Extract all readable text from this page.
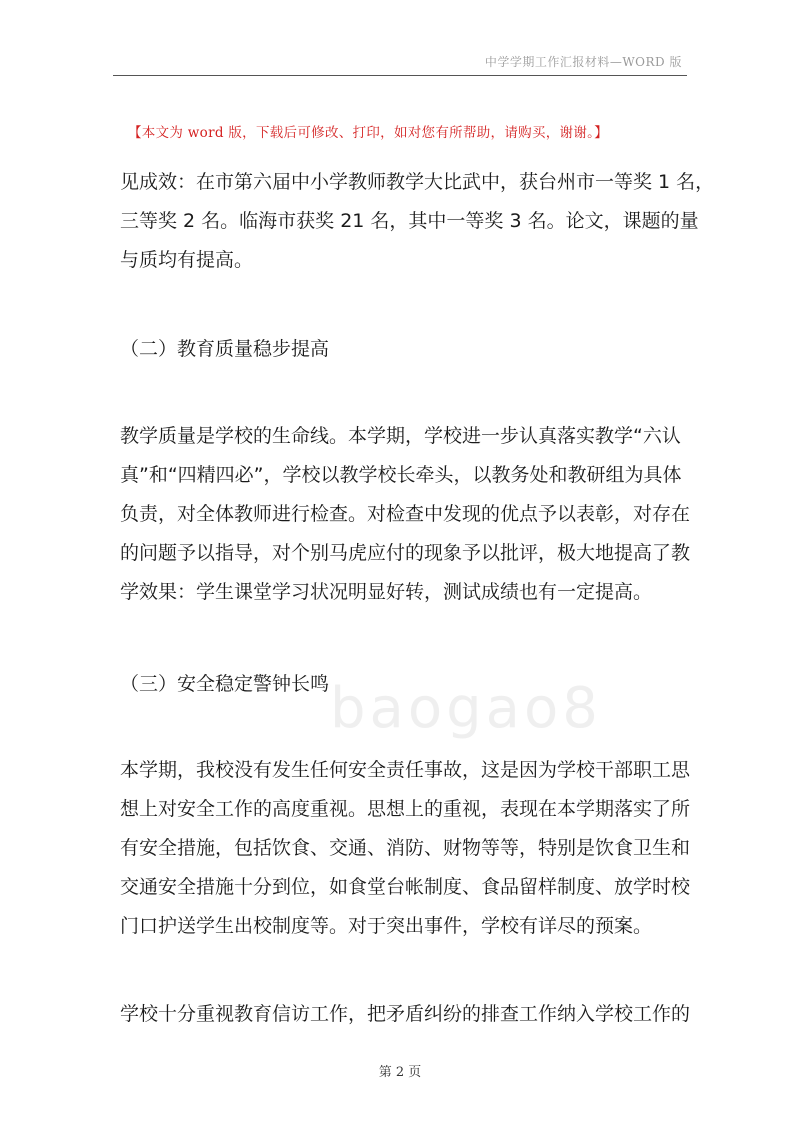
中学学期工作汇报材料—WORD 版
【本文为 word 版，下载后可修改、打印，如对您有所帮助，请购买，谢谢。】
见成效：在市第六届中小学教师教学大比武中，获台州市一等奖 1 名，
三等奖 2 名。临海市获奖 21 名，其中一等奖 3 名。论文，课题的量
与质均有提高。
（二）教育质量稳步提高
教学质量是学校的生命线。本学期，学校进一步认真落实教学“六认
真”和“四精四必”，学校以教学校长牵头，以教务处和教研组为具体
负责，对全体教师进行检查。对检查中发现的优点予以表彰，对存在
的问题予以指导，对个别马虎应付的现象予以批评，极大地提高了教
学效果：学生课堂学习状况明显好转，测试成绩也有一定提高。
（三）安全稳定警钟长鸣 baogao8
本学期，我校没有发生任何安全责任事故，这是因为学校干部职工思
想上对安全工作的高度重视。思想上的重视，表现在本学期落实了所
有安全措施，包括饮食、交通、消防、财物等等，特别是饮食卫生和
交通安全措施十分到位，如食堂台帐制度、食品留样制度、放学时校
门口护送学生出校制度等。对于突出事件，学校有详尽的预案。
学校十分重视教育信访工作，把矛盾纠纷的排查工作纳入学校工作的
第 2 页
